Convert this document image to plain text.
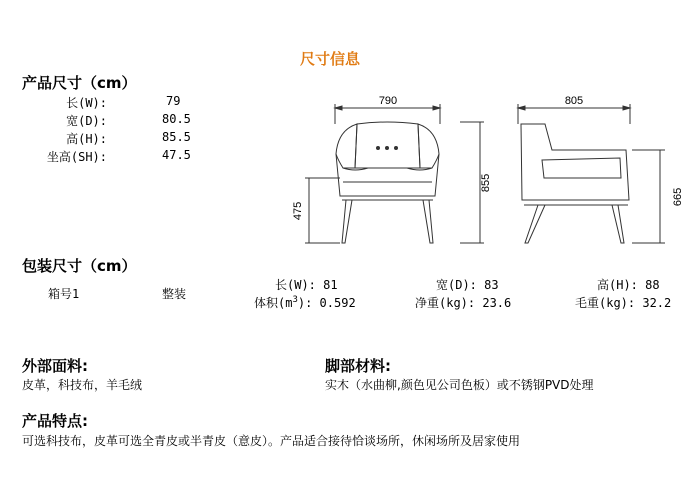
尺寸信息
产品尺寸（cm）
长(W):	79
宽(D):	80.5
高(H):	85.5
坐高(SH):	47.5
790
855
475
805
665
包装尺寸（cm）
箱号1	整装
长(W): 81	宽(D): 83	高(H): 88
体积$(m^3)$: 0.592	净重(kg): 23.6	毛重(kg): 32.2
外部面料:
皮革，科技布，羊毛绒
脚部材料:
实木（水曲柳,颜色见公司色板）或不锈钢PVD处理
产品特点:
可选科技布，皮革可选全青皮或半青皮（意皮）。产品适合接待恰谈场所，休闲场所及居家使用
